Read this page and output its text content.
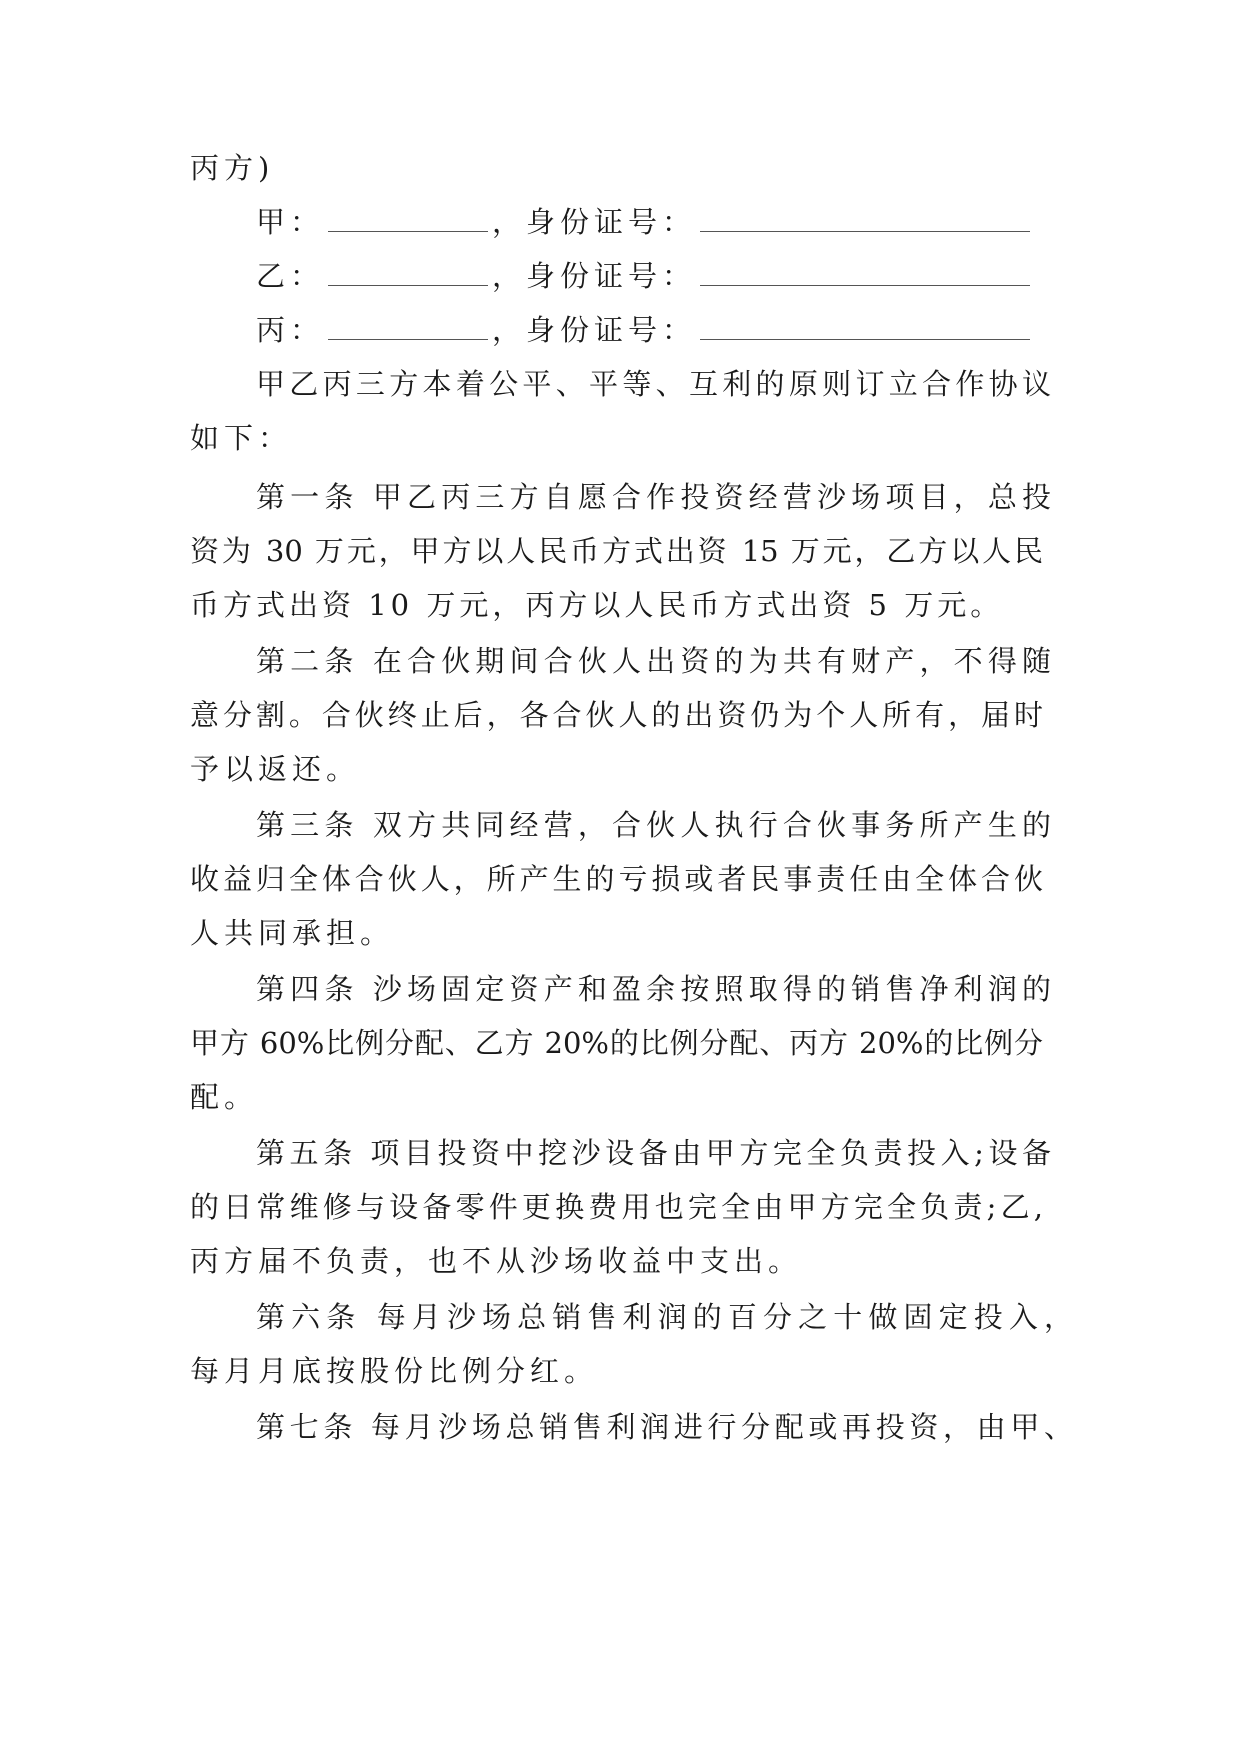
丙方)
甲：	，身份证号：
乙：	，身份证号：
丙：	，身份证号：
甲乙丙三方本着公平、平等、互利的原则订立合作协议
如下：
第一条 甲乙丙三方自愿合作投资经营沙场项目，总投
资为 30 万元，甲方以人民币方式出资 15 万元，乙方以人民
币方式出资 10 万元，丙方以人民币方式出资 5 万元。
第二条 在合伙期间合伙人出资的为共有财产，不得随
意分割。合伙终止后，各合伙人的出资仍为个人所有，届时
予以返还。
第三条 双方共同经营，合伙人执行合伙事务所产生的
收益归全体合伙人，所产生的亏损或者民事责任由全体合伙
人共同承担。
第四条 沙场固定资产和盈余按照取得的销售净利润的
甲方 60%比例分配、乙方 20%的比例分配、丙方 20%的比例分
配。
第五条 项目投资中挖沙设备由甲方完全负责投入;设备
的日常维修与设备零件更换费用也完全由甲方完全负责;乙,
丙方届不负责，也不从沙场收益中支出。
第六条 每月沙场总销售利润的百分之十做固定投入，
每月月底按股份比例分红。
第七条 每月沙场总销售利润进行分配或再投资，由甲、
